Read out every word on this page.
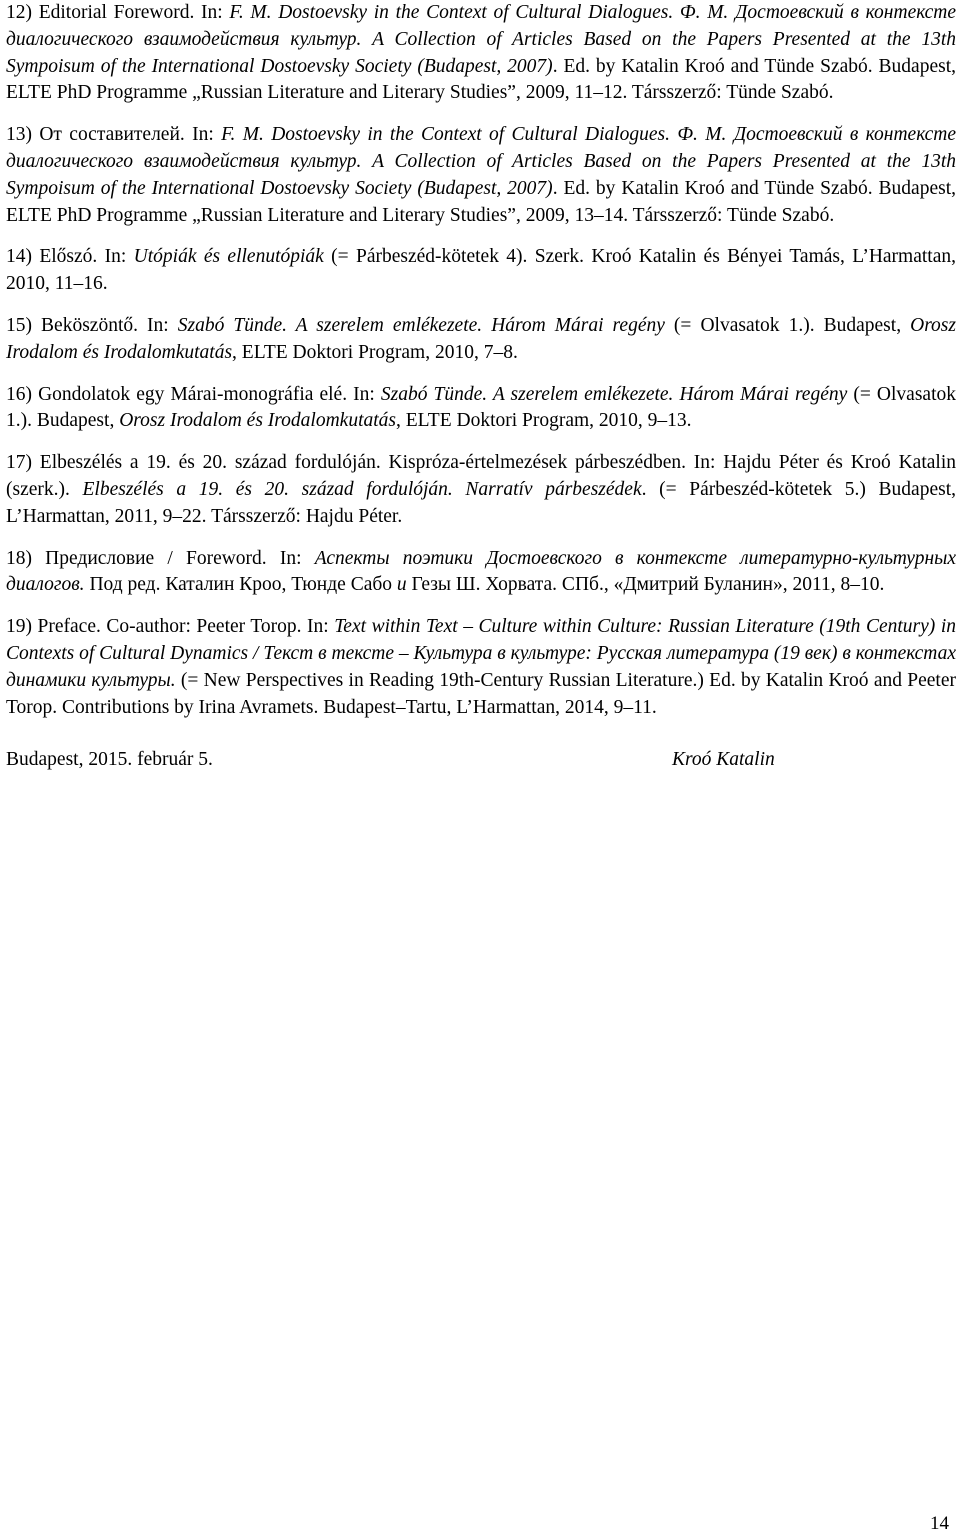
12) Editorial Foreword. In: F. M. Dostoevsky in the Context of Cultural Dialogues. Ф. М. Достоевский в контексте диалогического взаимодействия культур. A Collection of Articles Based on the Papers Presented at the 13th Sympoisum of the International Dostoevsky Society (Budapest, 2007). Ed. by Katalin Kroó and Tünde Szabó. Budapest, ELTE PhD Programme „Russian Literature and Literary Studies”, 2009, 11–12. Társszerző: Tünde Szabó.

13) От составителей. In: F. M. Dostoevsky in the Context of Cultural Dialogues. Ф. М. Достоевский в контексте диалогического взаимодействия культур. A Collection of Articles Based on the Papers Presented at the 13th Sympoisum of the International Dostoevsky Society (Budapest, 2007). Ed. by Katalin Kroó and Tünde Szabó. Budapest, ELTE PhD Programme „Russian Literature and Literary Studies”, 2009, 13–14. Társszerző: Tünde Szabó.

14) Előszó. In: Utópiák és ellenutópiák (= Párbeszéd-kötetek 4). Szerk. Kroó Katalin és Bényei Tamás, L’Harmattan, 2010, 11–16.

15) Beköszöntő. In: Szabó Tünde. A szerelem emlékezete. Három Márai regény (= Olvasatok 1.). Budapest, Orosz Irodalom és Irodalomkutatás, ELTE Doktori Program, 2010, 7–8.

16) Gondolatok egy Márai-monográfia elé. In: Szabó Tünde. A szerelem emlékezete. Három Márai regény (= Olvasatok 1.). Budapest, Orosz Irodalom és Irodalomkutatás, ELTE Doktori Program, 2010, 9–13.

17) Elbeszélés a 19. és 20. század fordulóján. Kispróza-értelmezések párbeszédben. In: Hajdu Péter és Kroó Katalin (szerk.). Elbeszélés a 19. és 20. század fordulóján. Narratív párbeszédek. (= Párbeszéd-kötetek 5.) Budapest, L’Harmattan, 2011, 9–22. Társszerző: Hajdu Péter.

18) Предисловие / Foreword. In: Аспекты поэтики Достоевского в контексте литературно-культурных диалогов. Под ред. Каталин Кроо, Тюнде Сабо и Гезы Ш. Хорвата. СПб., «Дмитрий Буланин», 2011, 8–10.

19) Preface. Co-author: Peeter Torop. In: Text within Text – Culture within Culture: Russian Literature (19th Century) in Contexts of Cultural Dynamics / Текст в тексте – Культура в культуре: Русская литература (19 век) в контекстах динамики культуры. (= New Perspectives in Reading 19th-Century Russian Literature.) Ed. by Katalin Kroó and Peeter Torop. Contributions by Irina Avramets. Budapest–Tartu, L’Harmattan, 2014, 9–11.

Budapest, 2015. február 5.	Kroó Katalin
14
